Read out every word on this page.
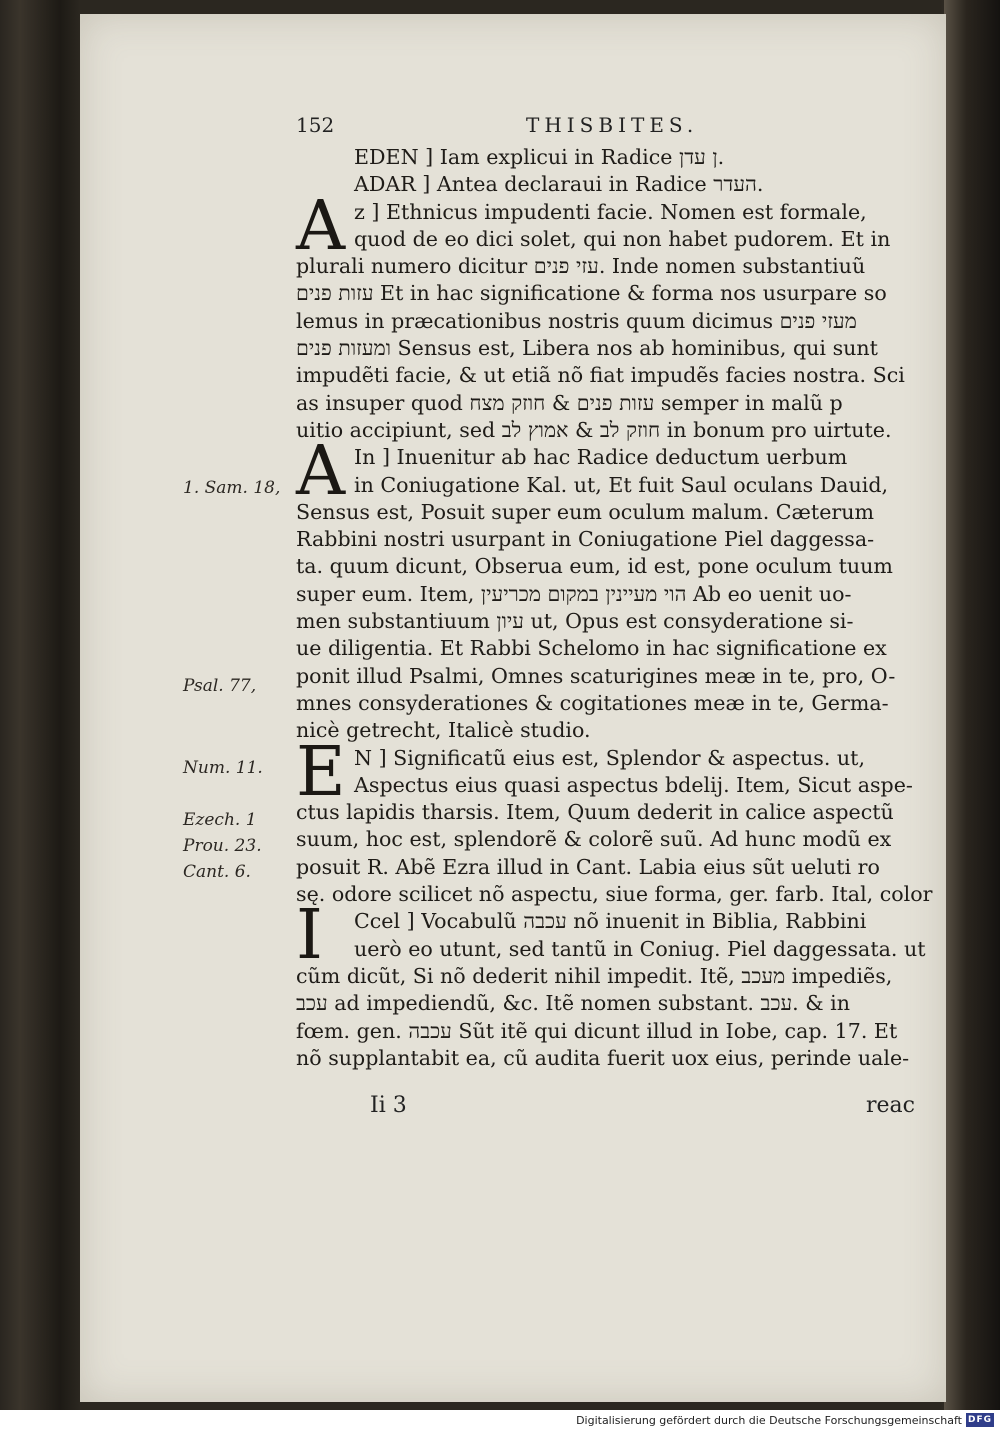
152	THISBITES.
EDEN ] Iam explicui in Radice ן עדן.
ADAR ] Antea declaraui in Radice העדר.
A z ] Ethnicus impudenti facie. Nomen est formale,
quod de eo dici solet, qui non habet pudorem. Et in
plurali numero dicitur עזי פנים. Inde nomen substantiuũ
עזות פנים Et in hac significatione & forma nos usurpare so
lemus in præcationibus nostris quum dicimus מעזי פנים
ומעזות פנים Sensus est, Libera nos ab hominibus, qui sunt
impudẽti facie, & ut etiã nõ fiat impudẽs facies nostra. Sci
as insuper quod עזות פנים & חוזק מצח semper in malũ p
uitio accipiunt, sed חוזק לב & אמוץ לב in bonum pro uirtute.
A In ] Inuenitur ab hac Radice deductum uerbum
in Coniugatione Kal. ut, Et fuit Saul oculans Dauid,
Sensus est, Posuit super eum oculum malum. Cæterum
Rabbini nostri usurpant in Coniugatione Piel daggessa-
ta. quum dicunt, Obserua eum, id est, pone oculum tuum
super eum. Item, הוי מעיינין במקום מכריעין Ab eo uenit uo-
men substantiuum עיון ut, Opus est consyderatione si-
ue diligentia. Et Rabbi Schelomo in hac significatione ex
ponit illud Psalmi, Omnes scaturigines meæ in te, pro, O-
mnes consyderationes & cogitationes meæ in te, Germa-
nicè getrecht, Italicè studio.
E N ] Significatũ eius est, Splendor & aspectus. ut,
Aspectus eius quasi aspectus bdelij. Item, Sicut aspe-
ctus lapidis tharsis. Item, Quum dederit in calice aspectũ
suum, hoc est, splendorẽ & colorẽ suũ. Ad hunc modũ ex
posuit R. Abẽ Ezra illud in Cant. Labia eius sũt ueluti ro
sę. odore scilicet nõ aspectu, siue forma, ger. farb. Ital, color
I Ccel ] Vocabulũ עכבה nõ inuenit in Biblia, Rabbini
uerò eo utunt, sed tantũ in Coniug. Piel daggessata. ut
cũm dicũt, Si nõ dederit nihil impedit. Itẽ, מעכב impediẽs,
עכב ad impediendũ, &c. Itẽ nomen substant. עכב. & in
fœm. gen. עכבה Sũt itẽ qui dicunt illud in Iobe, cap. 17. Et
nõ supplantabit ea, cũ audita fuerit uox eius, perinde uale-
1. Sam. 18,
Psal. 77,
Num. 11.
Ezech. 1
Prou. 23.
Cant. 6.
Ii 3	reac
Digitalisierung gefördert durch die Deutsche Forschungsgemeinschaft DFG
